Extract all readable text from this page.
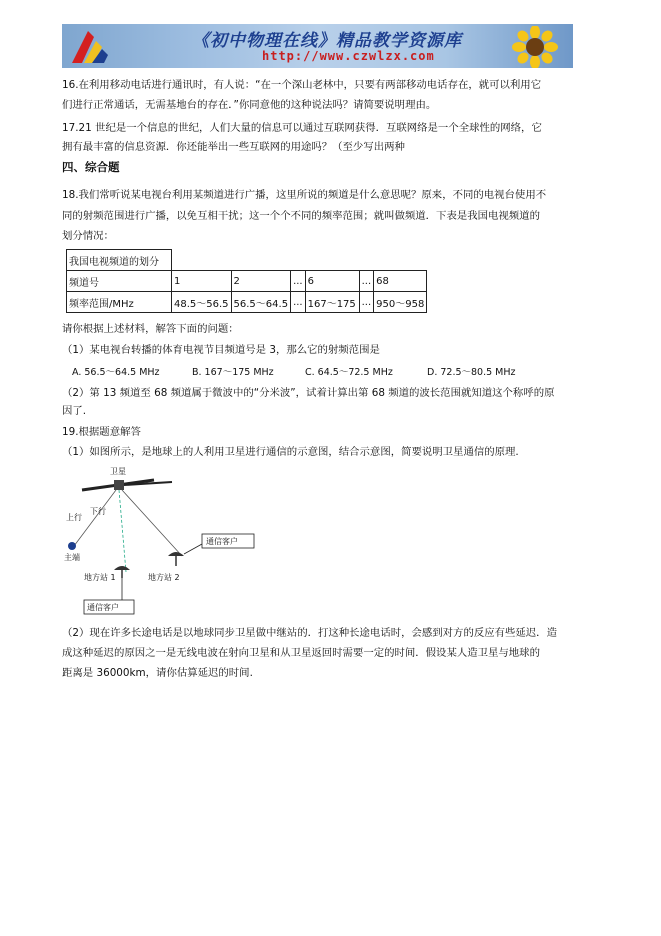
《初中物理在线》精品教学资源库
http://www.czwlzx.com
16.在利用移动电话进行通讯时，有人说：“在一个深山老林中，只要有两部移动电话存在，就可以利用它
们进行正常通话，无需基地台的存在．”你同意他的这种说法吗？请简要说明理由。
17.21 世纪是一个信息的世纪，人们大量的信息可以通过互联网获得．互联网络是一个全球性的网络，它
拥有最丰富的信息资源．你还能举出一些互联网的用途吗？（至少写出两种
四、综合题
18.我们常听说某电视台利用某频道进行广播，这里所说的频道是什么意思呢？原来，不同的电视台使用不
同的射频范围进行广播，以免互相干扰；这一个个不同的频率范围；就叫做频道．下表是我国电视频道的
划分情况：
我国电视频道的划分						
频道号	1	2	...	6	...	68
频率范围/MHz	48.5～56.5	56.5～64.5	...	167～175	...	950～958
请你根据上述材料，解答下面的问题：
（1）某电视台转播的体育电视节目频道号是 3，那么它的射频范围是
A. 56.5～64.5 MHz	B. 167～175 MHz	C. 64.5～72.5 MHz	D. 72.5～80.5 MHz
（2）第 13 频道至 68 频道属于微波中的“分米波”，试着计算出第 68 频道的波长范围就知道这个称呼的原
因了.
19.根据题意解答
（1）如图所示，是地球上的人利用卫星进行通信的示意图，结合示意图，简要说明卫星通信的原理.
卫星
上行
下行
主端
地方站 1	地方站 2
通信客户
通信客户
（2）现在许多长途电话是以地球同步卫星做中继站的．打这种长途电话时，会感到对方的反应有些延迟．造
成这种延迟的原因之一是无线电波在射向卫星和从卫星返回时需要一定的时间．假设某人造卫星与地球的
距离是 36000km，请你估算延迟的时间.
